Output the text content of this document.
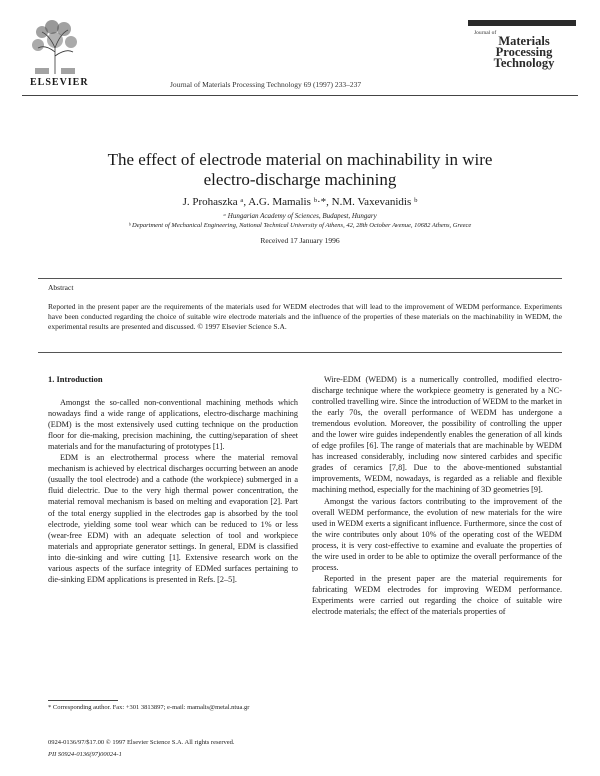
ELSEVIER	Journal of Materials Processing Technology 69 (1997) 233–237
Journal of
Materials
Processing
Technology
The effect of electrode material on machinability in wire
electro-discharge machining
J. Prohaszka ᵃ, A.G. Mamalis ᵇ·*, N.M. Vaxevanidis ᵇ
ᵃ Hungarian Academy of Sciences, Budapest, Hungary
ᵇ Department of Mechanical Engineering, National Technical University of Athens, 42, 28th October Avenue, 10682 Athens, Greece
Received 17 January 1996
Abstract
Reported in the present paper are the requirements of the materials used for WEDM electrodes that will lead to the improvement of WEDM performance. Experiments have been conducted regarding the choice of suitable wire electrode materials and the influence of the properties of these materials on the machinability in WEDM, the experimental results are presented and discussed. © 1997 Elsevier Science S.A.

1. Introduction

Amongst the so-called non-conventional machining methods which nowadays find a wide range of applications, electro-discharge machining (EDM) is the most extensively used cutting technique on the production floor for die-making, precision machining, the cutting/separation of sheet materials and for the manufacturing of prototypes [1].

EDM is an electrothermal process where the material removal mechanism is achieved by electrical discharges occurring between an anode (usually the tool electrode) and a cathode (the workpiece) submerged in a fluid dielectric. Due to the very high thermal power concentration, the material removal mechanism is based on melting and evaporation [2]. Part of the total energy supplied in the electrodes gap is absorbed by the tool electrode, yielding some tool wear which can be reduced to 1% or less (wear-free EDM) with an adequate selection of tool and workpiece materials and appropriate generator settings. In general, EDM is classified into die-sinking and wire cutting [1]. Extensive research work on the various aspects of the surface integrity of EDMed surfaces pertaining to die-sinking EDM applications is presented in Refs. [2–5].

Wire-EDM (WEDM) is a numerically controlled, modified electro-discharge technique where the workpiece geometry is generated by a NC-controlled travelling wire. Since the introduction of WEDM to the market in the early 70s, the overall performance of WEDM has undergone a tremendous evolution. Moreover, the possibility of controlling the upper and the lower wire guides independently enables the generation of all kinds of edge profiles [6]. The range of materials that are machinable by WEDM has increased considerably, including now sintered carbides and specific grades of ceramics [7,8]. Due to the above-mentioned substantial improvements, WEDM, nowadays, is regarded as a reliable and flexible machining method, especially for the machining of 3D geometries [9].

Amongst the various factors contributing to the improvement of the overall WEDM performance, the evolution of new materials for the wire used in WEDM exerts a significant influence. Furthermore, since the cost of the wire contributes only about 10% of the operating cost of the WEDM process, it is very cost-effective to examine and evaluate the properties of the wire used in order to be able to optimize the overall performance of the process.

Reported in the present paper are the material requirements for fabricating WEDM electrodes for improving WEDM performance. Experiments were carried out regarding the choice of suitable wire electrode materials; the effect of the materials properties of

* Corresponding author. Fax: +301 3813897; e-mail: mamalis@metal.ntua.gr
0924-0136/97/$17.00 © 1997 Elsevier Science S.A. All rights reserved.
PII S0924-0136(97)00024-1
